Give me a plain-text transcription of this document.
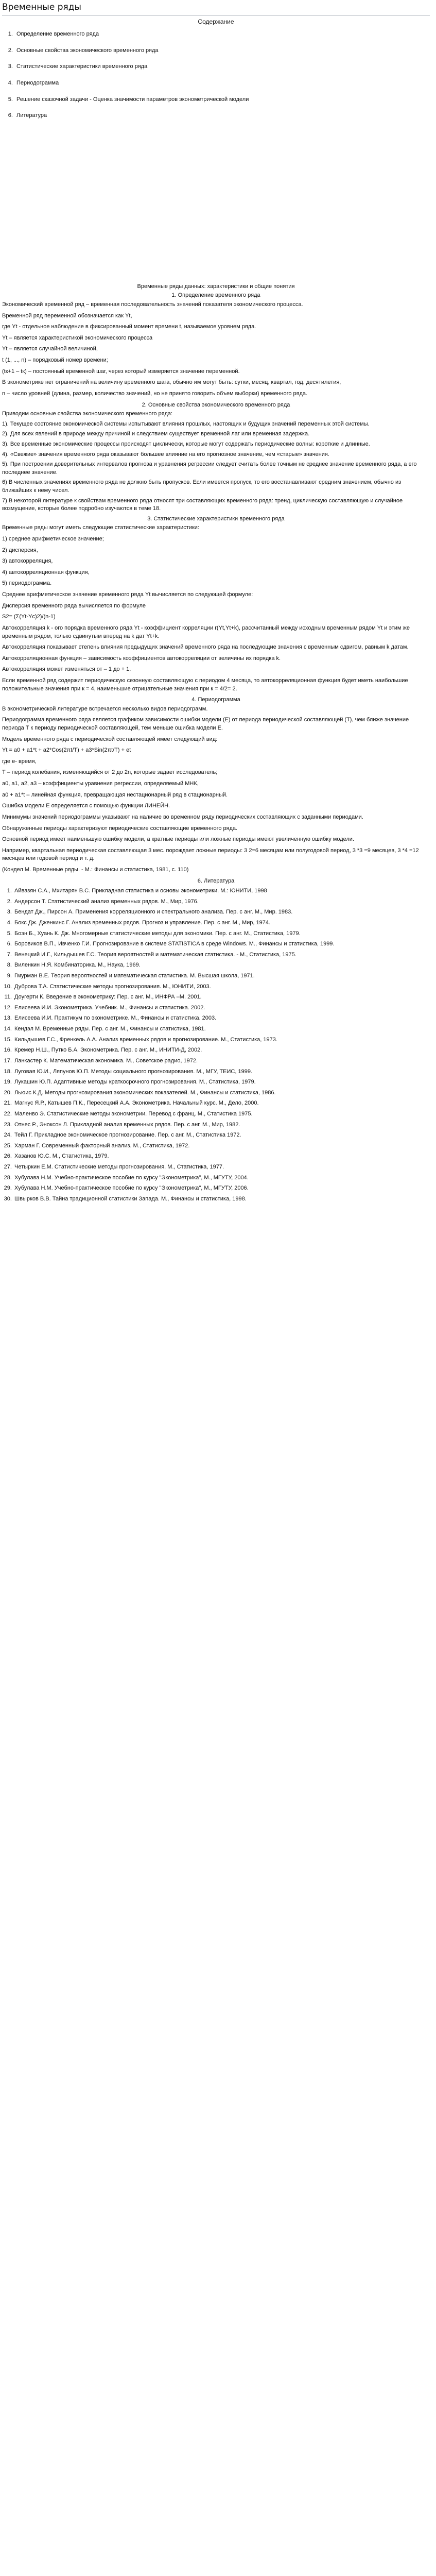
Временные ряды
Содержание
1. Определение временного ряда
2. Основные свойства экономического временного ряда
3. Статистические характеристики временного ряда
4. Периодограмма
5. Решение сказочной задачи - Оценка значимости параметров эконометрической модели
6. Литература
Временные ряды данных: характеристики и общие понятия
1. Определение временного ряда

Экономический временной ряд – временная последовательность значений показателя экономического процесса.

Временной ряд переменной обозначается как Yt,

где Yt - отдельное наблюдение в фиксированный момент времени t, называемое уровнем ряда.

Yt – является характеристикой экономического процесса

Yt – является случайной величиной,

t (1, ..., n) – порядковый номер времени;

(tк+1 – tк) – постоянный временной шаг, через который измеряется значение переменной.

В эконометрике нет ограничений на величину временного шага, обычно им могут быть: сутки, месяц, квартал, год, десятилетия,

n – число уровней (длина, размер, количество значений, но не принято говорить объем выборки) временного ряда.

2. Основные свойства экономического временного ряда

Приводим основные свойства экономического временного ряда:

1). Текущее состояние экономической системы испытывают влияния прошлых, настоящих и будущих значений переменных этой системы.

2). Для всех явлений в природе между причиной и следствием существует временной лаг или временная задержка.

3). Все временные экономические процессы происходят циклически, которые могут содержать периодические волны: короткие и длинные.

4). «Свежие» значения временного ряда оказывают большее влияние на его прогнозное значение, чем «старые» значения.

5). При построении доверительных интервалов прогноза и уравнения регрессии следует считать более точным не среднее значение временного ряда, а его последнее значение.

6) В численных значениях временного ряда не должно быть пропусков. Если имеется пропуск, то его восстанавливают средним значением, обычно из ближайших к нему чисел.

7) В некоторой литературе к свойствам временного ряда относят три составляющих временного ряда: тренд, циклическую составляющую и случайное возмущение, которые более подробно изучаются в теме 18.

3. Статистические характеристики временного ряда

Временные ряды могут иметь следующие статистические характеристики:

1) среднее арифметическое значение;

2) дисперсия,

3) автокорреляция,

4) автокорреляционная функция,

5) периодограмма.

Среднее арифметическое значение временного ряда Yt вычисляется по следующей формуле:

Дисперсия временного ряда вычисляется по формуле

S2= (Σ(Yt-Yc)2)/(n-1)

Автокорреляция k - ого порядка временного ряда Yt - коэффициент корреляции r(Yt,Yt+k), рассчитанный между исходным временным рядом Yt и этим же временным рядом, только сдвинутым вперед на k дат Yt+k.

Автокорреляция показывает степень влияния предыдущих значений временного ряда на последующие значения с временным сдвигом, равным k датам.

Автокорреляционная функция – зависимость коэффициентов автокорреляции от величины их порядка k.

Автокорреляция может изменяться от – 1 до + 1.

Если временной ряд содержит периодическую сезонную составляющую с периодом 4 месяца, то автокорреляционная функция будет иметь наибольшие положительные значения при к = 4, наименьшие отрицательные значения при к = 4/2= 2.

4. Периодограмма

В эконометрической литературе встречается несколько видов периодограмм.

Периодограмма временного ряда является графиком зависимости ошибки модели (Е) от периода периодической составляющей (T), чем ближе значение периода T к периоду периодической составляющей, тем меньше ошибка модели Е.

Модель временного ряда с периодической составляющей имеет следующий вид:

Yt = a0 + a1*t + a2*Cos(2πt/T) + a3*Sin(2πt/T) + et

где е- время,

T – период колебания, изменяющийся от 2 до 2n, которые задает исследователь;

a0, a1, a2, a3 – коэффициенты уравнения регрессии, определяемый МНК,

a0 + a1*t – линейная функция, превращающая нестационарный ряд в стационарный.

Ошибка модели Е определяется с помощью функции ЛИНЕЙН.

Минимумы значений периодограммы указывают на наличие во временном ряду периодических составляющих с заданными периодами.

Обнаруженные периоды характеризуют периодические составляющие временного ряда.

Основной период имеет наименьшую ошибку модели, а кратные периоды или ложные периоды имеют увеличенную ошибку модели.

Например, квартальная периодическая составляющая 3 мес. порождает ложные периоды: 3 2=6 месяцам или полугодовой период, 3 *3 =9 месяцев, 3 *4 =12 месяцев или годовой период и т. д.

(Кондел М. Временные ряды. - М.: Финансы и статистика, 1981, с. 110)

6. Литература
1. Айвазян С.А., Мхитарян В.С. Прикладная статистика и основы эконометрики. М.: ЮНИТИ, 1998
2. Андерсон Т. Статистический анализ временных рядов. М., Мир, 1976.
3. Бендат Дж., Пирсон А. Применения корреляционного и спектрального анализа. Пер. с анг. М., Мир. 1983.
4. Бокс Дж. Дженкинс Г. Анализ временных рядов. Прогноз и управление. Пер. с анг. М., Мир, 1974.
5. Боэн Б., Хуань К. Дж. Многомерные статистические методы для экономики. Пер. с анг. М., Статистика, 1979.
6. Боровиков В.П., Ивченко Г.И. Прогнозирование в системе STATISTICA в среде Windows. М., Финансы и статистика, 1999.
7. Венецкий И.Г., Кильдышев Г.С. Теория вероятностей и математическая статистика. - М., Статистика, 1975.
8. Виленкин Н.Я. Комбинаторика. М., Наука, 1969.
9. Гмурман В.Е. Теория вероятностей и математическая статистика. М. Высшая школа, 1971.
10. Дуброва Т.А. Статистические методы прогнозирования. М., ЮНИТИ, 2003.
11. Доугерти К. Введение в эконометрику: Пер. с анг. М., ИНФРА –М. 2001.
12. Елисеева И.И. Эконометрика. Учебник. М., Финансы и статистика. 2002.
13. Елисеева И.И. Практикум по эконометрике. М., Финансы и статистика. 2003.
14. Кендэл М. Временные ряды. Пер. с анг. М., Финансы и статистика, 1981.
15. Кильдышев Г.С., Френкель А.А. Анализ временных рядов и прогнозирование. М., Статистика, 1973.
16. Кремер Н.Ш., Путко Б.А. Эконометрика. Пер. с анг. М., ИНИТИ-Д, 2002.
17. Ланкастер К. Математическая экономика. М., Советское радио, 1972.
18. Луговая Ю.И., Ляпунов Ю.П. Методы социального прогнозирования. М., МГУ, ТЕИС, 1999.
19. Лукашин Ю.П. Адаптивные методы краткосрочного прогнозирования. М., Статистика, 1979.
20. Льюис К.Д. Методы прогнозирования экономических показателей. М., Финансы и статистика, 1986.
21. Магнус Я.Р., Катышев П.К., Пересецкий А.А. Эконометрика. Начальный курс. М., Дело, 2000.
22. Маленво Э. Статистические методы эконометрии. Перевод с франц. М., Статистика 1975.
23. Отнес Р., Эноксон Л. Прикладной анализ временных рядов. Пер. с анг. М., Мир, 1982.
24. Тейл Г. Прикладное экономическое прогнозирование. Пер. с анг. М., Статистика 1972.
25. Харман Г. Современный факторный анализ. М., Статистика, 1972.
26. Хазанов Ю.С. М., Статистика, 1979.
27. Четыркин Е.М. Статистические методы прогнозирования. М., Статистика, 1977.
28. Хубулава Н.М. Учебно-практическое пособие по курсу "Эконометрика", М., МГУТУ, 2004.
29. Хубулава Н.М. Учебно-практическое пособие по курсу "Эконометрика", М., МГУТУ, 2006.
30. Швырков В.В. Тайна традиционной статистики Запада. М., Финансы и статистика, 1998.
